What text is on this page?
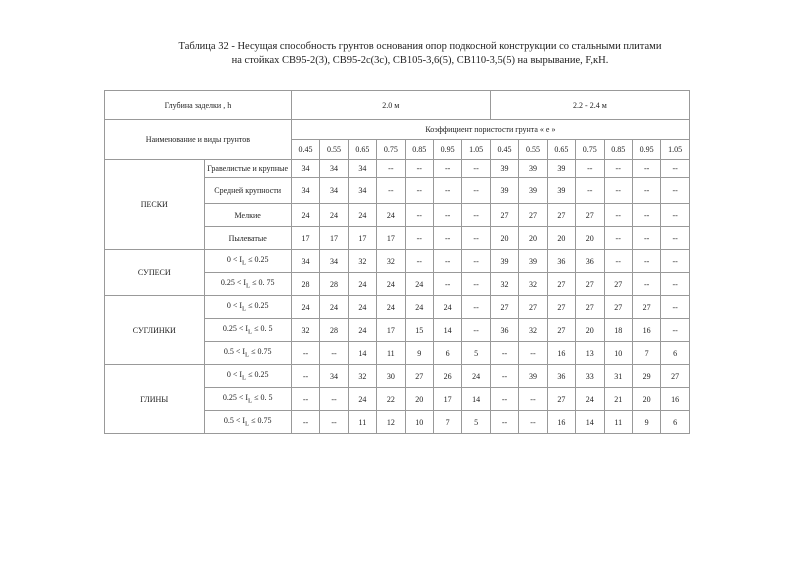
Таблица 32 - Несущая способность грунтов основания опор подкосной конструкции со стальными плитами
на стойках СВ95-2(3), СВ95-2с(3с), СВ105-3,6(5), СВ110-3,5(5) на вырывание, F,кН.
Глубина заделки , h		2.0 м							2.2 - 2.4 м						
Наименование и виды грунтов		Коэффициент пористости грунта « е »													
		0.45	0.55	0.65	0.75	0.85	0.95	1.05	0.45	0.55	0.65	0.75	0.85	0.95	1.05
ПЕСКИ	Гравелистые и крупные	34	34	34	--	--	--	--	39	39	39	--	--	--	--
	Средней крупности	34	34	34	--	--	--	--	39	39	39	--	--	--	--
	Мелкие	24	24	24	24	--	--	--	27	27	27	27	--	--	--
	Пылеватые	17	17	17	17	--	--	--	20	20	20	20	--	--	--
СУПЕСИ	$0 < I_L \le 0.25$	34	34	32	32	--	--	--	39	39	36	36	--	--	--
	$0.25 < I_L \le 0$. 75	28	28	24	24	24	--	--	32	32	27	27	27	--	--
СУГЛИНКИ	$0 < I_L \le 0.25$	24	24	24	24	24	24	--	27	27	27	27	27	27	--
	$0.25 < I_L \le 0$. 5	32	28	24	17	15	14	--	36	32	27	20	18	16	--
	$0.5 < I_L \le 0.75$	--	--	14	11	9	6	5	--	--	16	13	10	7	6
ГЛИНЫ	$0 < I_L \le 0.25$	--	34	32	30	27	26	24	--	39	36	33	31	29	27
	$0.25 < I_L \le 0$. 5	--	--	24	22	20	17	14	--	--	27	24	21	20	16
	$0.5 < I_L \le 0.75$	--	--	11	12	10	7	5	--	--	16	14	11	9	6
